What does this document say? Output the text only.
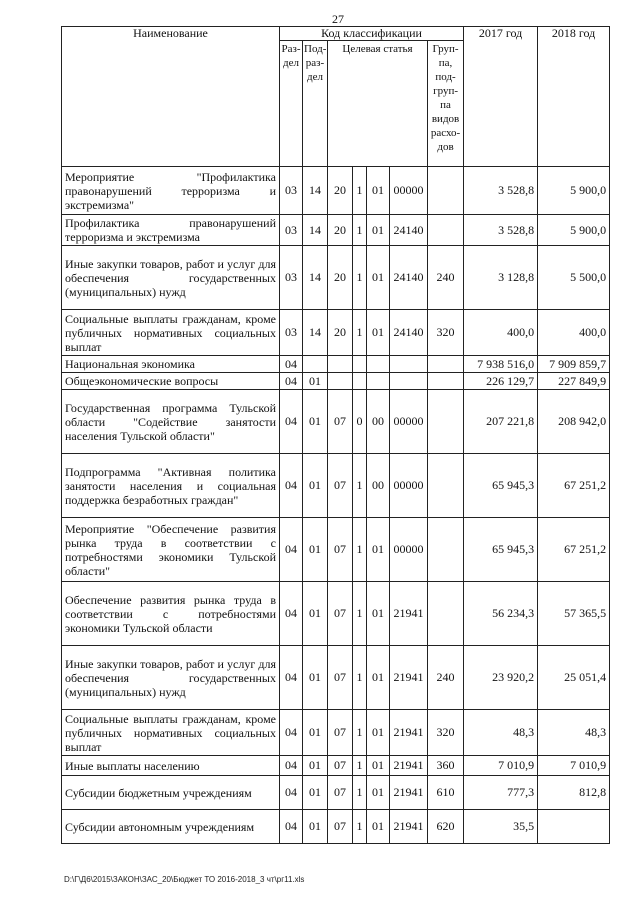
27
Наименование	Код классификации							2017 год	2018 год
	Раз-дел	Под-раз-дел	Целевая статья				Груп-па, под-груп-па видов расхо-дов		
Мероприятие "Профилактика правонарушений терроризма и экстремизма"	03	14	20	1	01	00000		3 528,8	5 900,0
Профилактика правонарушений терроризма и экстремизма	03	14	20	1	01	24140		3 528,8	5 900,0
Иные закупки товаров, работ и услуг для обеспечения государственных (муниципальных) нужд	03	14	20	1	01	24140	240	3 128,8	5 500,0
Социальные выплаты гражданам, кроме публичных нормативных социальных выплат	03	14	20	1	01	24140	320	400,0	400,0
Национальная экономика	04							7 938 516,0	7 909 859,7
Общеэкономические вопросы	04	01						226 129,7	227 849,9
Государственная программа Тульской области "Содействие занятости населения Тульской области"	04	01	07	0	00	00000		207 221,8	208 942,0
Подпрограмма "Активная политика занятости населения и социальная поддержка безработных граждан"	04	01	07	1	00	00000		65 945,3	67 251,2
Мероприятие "Обеспечение развития рынка труда в соответствии с потребностями экономики Тульской области"	04	01	07	1	01	00000		65 945,3	67 251,2
Обеспечение развития рынка труда в соответствии с потребностями экономики Тульской области	04	01	07	1	01	21941		56 234,3	57 365,5
Иные закупки товаров, работ и услуг для обеспечения государственных (муниципальных) нужд	04	01	07	1	01	21941	240	23 920,2	25 051,4
Социальные выплаты гражданам, кроме публичных нормативных социальных выплат	04	01	07	1	01	21941	320	48,3	48,3
Иные выплаты населению	04	01	07	1	01	21941	360	7 010,9	7 010,9
Субсидии бюджетным учреждениям	04	01	07	1	01	21941	610	777,3	812,8
Субсидии автономным учреждениям	04	01	07	1	01	21941	620	35,5	
D:\Г\Д6\2015\ЗАКОН\ЗАС_20\Бюджет ТО 2016-2018_3 чт\рг11.xls
